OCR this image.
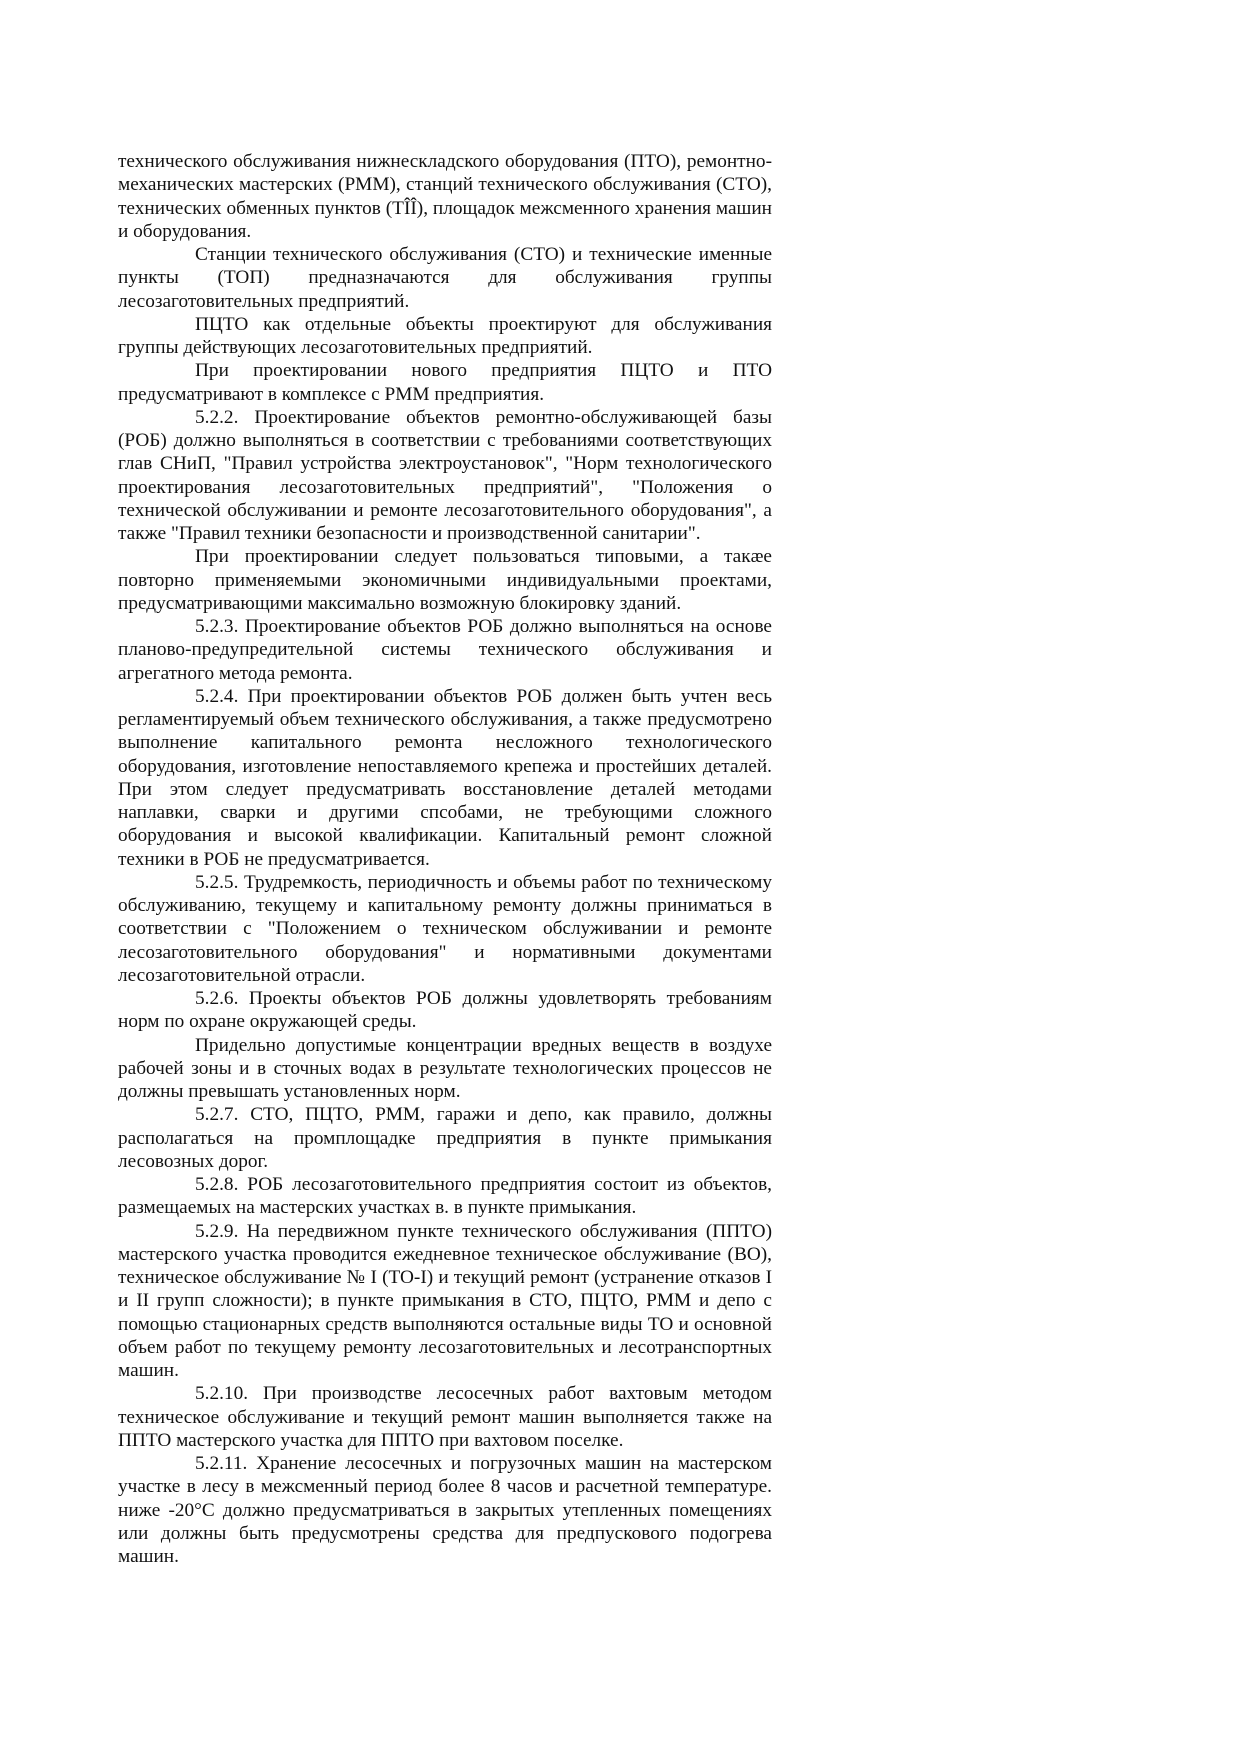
технического обслуживания нижнескладского оборудования (ПТО), ремонтно-механических мастерских (РММ), станций технического обслуживания (СТО), технических обменных пунктов (ТÎÎ), площадок межсменного хранения машин и оборудования.

Станции технического обслуживания (СТО) и технические именные пункты (ТОП) предназначаются для обслуживания группы лесозаготовительных предприятий.

ПЦТО как отдельные объекты проектируют для обслуживания группы действующих лесозаготовительных предприятий.

При проектировании нового предприятия ПЦТО и ПТО предусматривают в комплексе с РММ предприятия.

5.2.2. Проектирование объектов ремонтно-обслуживающей базы (РОБ) должно выполняться в соответствии с требованиями соответствующих глав СНиП, "Правил устройства электроустановок", "Норм технологического проектирования лесозаготовительных предприятий", "Положения о технической обслуживании и ремонте лесозаготовительного оборудования", а также "Правил техники безопасности и производственной санитарии".

При проектировании следует пользоваться типовыми, а такæе повторно применяемыми экономичными индивидуальными проектами, предусматривающими максимально возможную блокировку зданий.

5.2.3. Проектирование объектов РОБ должно выполняться на основе планово-предупредительной системы технического обслуживания и агрегатного метода ремонта.

5.2.4. При проектировании объектов РОБ должен быть учтен весь регламентируемый объем технического обслуживания, а также предусмотрено выполнение капитального ремонта несложного технологического оборудования, изготовление непоставляемого крепежа и простейших деталей. При этом следует предусматривать восстановление деталей методами наплавки, сварки и другими спсобами, не требующими сложного оборудования и высокой квалификации. Капитальный ремонт сложной техники в РОБ не предусматривается.

5.2.5. Трудремкость, периодичность и объемы работ по техническому обслуживанию, текущему и капитальному ремонту должны приниматься в соответствии с "Положением о техническом обслуживании и ремонте лесозаготовительного оборудования" и нормативными документами лесозаготовительной отрасли.

5.2.6. Проекты объектов РОБ должны удовлетворять требованиям норм по охране окружающей среды.

Придельно допустимые концентрации вредных веществ в воздухе рабочей зоны и в сточных водах в результате технологических процессов не должны превышать установленных норм.

5.2.7. СТО, ПЦТО, РММ, гаражи и депо, как правило, должны располагаться на промплощадке предприятия в пункте примыкания лесовозных дорог.

5.2.8. РОБ лесозаготовительного предприятия состоит из объектов, размещаемых на мастерских участках в. в пункте примыкания.

5.2.9. На передвижном пункте технического обслуживания (ППТО) мастерского участка проводится ежедневное техническое обслуживание (ВО), техническое обслуживание № I (ТО-I) и текущий ремонт (устранение отказов I и II групп сложности); в пункте примыкания в СТО, ПЦТО, РММ и депо с помощью стационарных средств выполняются остальные виды ТО и основной объем работ по текущему ремонту лесозаготовительных и лесотранспортных машин.

5.2.10. При производстве лесосечных работ вахтовым методом техническое обслуживание и текущий ремонт машин выполняется также на ППТО мастерского участка для ППТО при вахтовом поселке.

5.2.11. Хранение лесосечных и погрузочных машин на мастерском участке в лесу в межсменный период более 8 часов и расчетной температуре. ниже -20°С должно предусматриваться в закрытых утепленных помещениях или должны быть предусмотрены средства для предпускового подогрева машин.
